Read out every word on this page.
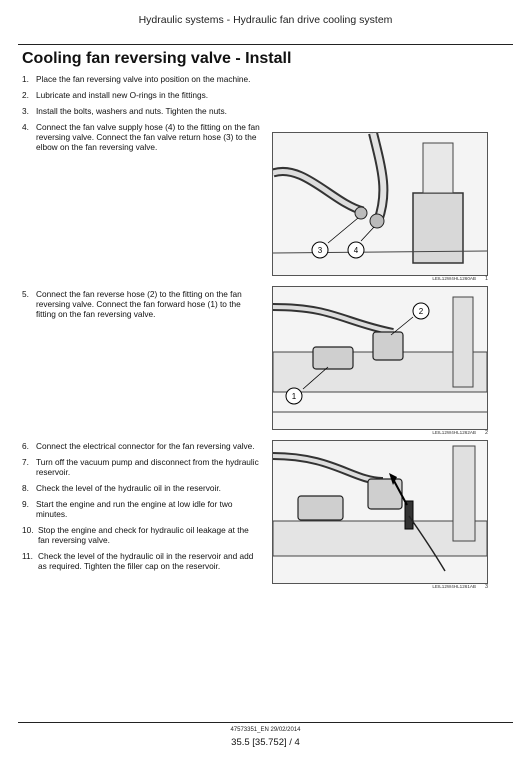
Hydraulic systems - Hydraulic fan drive cooling system
Cooling fan reversing valve - Install
1. Place the fan reversing valve into position on the machine.
2. Lubricate and install new O-rings in the fittings.
3. Install the bolts, washers and nuts. Tighten the nuts.
4. Connect the fan valve supply hose (4) to the fitting on the fan reversing valve. Connect the fan valve return hose (3) to the elbow on the fan reversing valve.
5. Connect the fan reverse hose (2) to the fitting on the fan reversing valve. Connect the fan forward hose (1) to the fitting on the fan reversing valve.
6. Connect the electrical connector for the fan reversing valve.
7. Turn off the vacuum pump and disconnect from the hydraulic reservoir.
8. Check the level of the hydraulic oil in the reservoir.
9. Start the engine and run the engine at low idle for two minutes.
10. Stop the engine and check for hydraulic oil leakage at the fan reversing valve.
11. Check the level of the hydraulic oil in the reservoir and add as required. Tighten the filler cap on the reservoir.
3	4
LEIL12W4HL1260AB 1
2
1
LEIL12W4HL1262AB 2
LEIL12W4HL1261AB 3
47573351_EN 29/02/2014
35.5 [35.752] / 4
